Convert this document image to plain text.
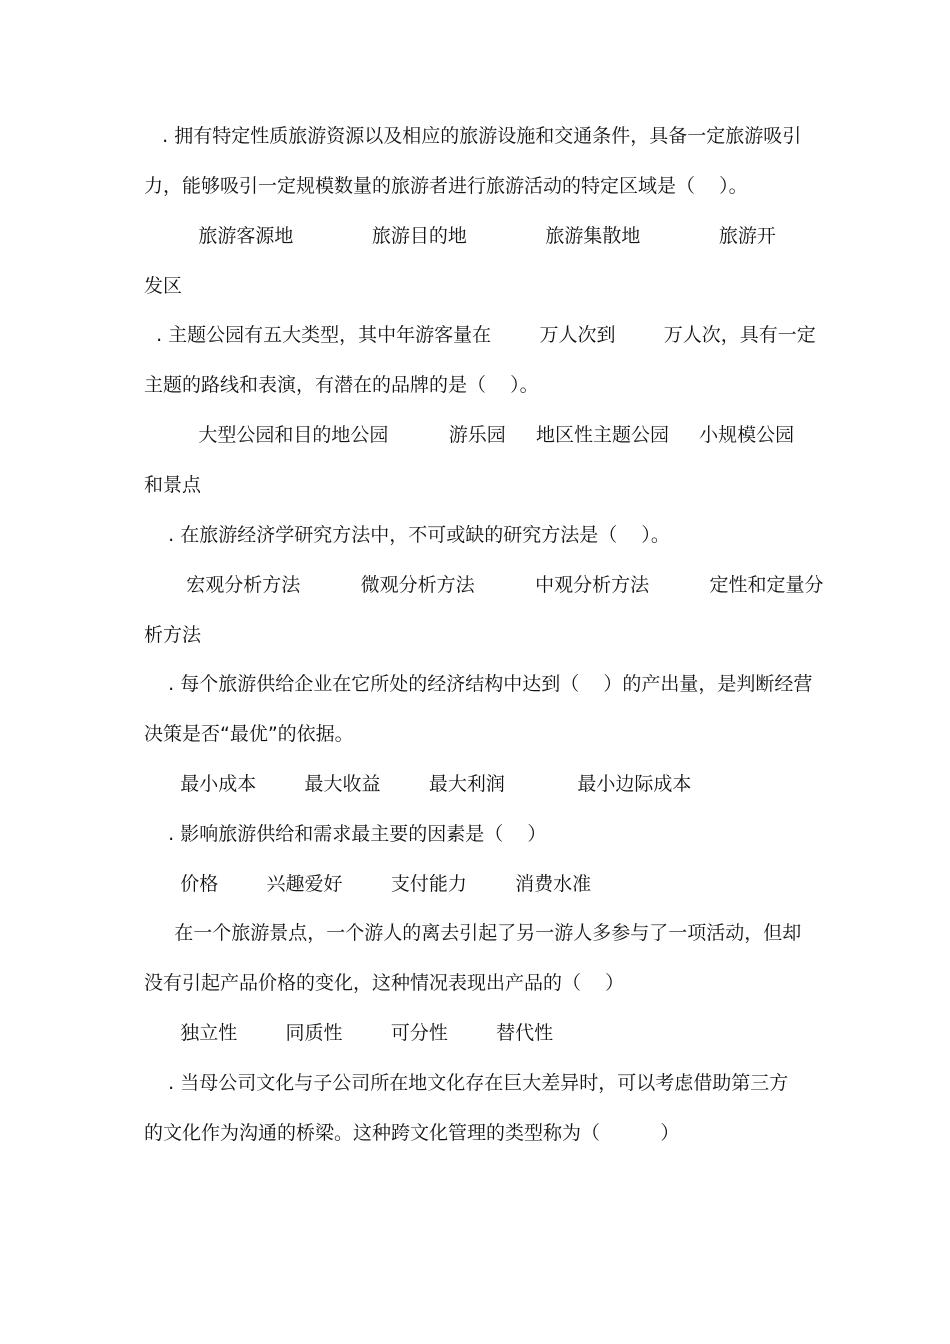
. 拥有特定性质旅游资源以及相应的旅游设施和交通条件，具备一定旅游吸引
力，能够吸引一定规模数量的旅游者进行旅游活动的特定区域是（    ）。
旅游客源地             旅游目的地             旅游集散地             旅游开
发区
. 主题公园有五大类型，其中年游客量在        万人次到        万人次，具有一定
主题的路线和表演，有潜在的品牌的是（    ）。
大型公园和目的地公园          游乐园     地区性主题公园     小规模公园
和景点
. 在旅游经济学研究方法中，不可或缺的研究方法是（    ）。
宏观分析方法          微观分析方法          中观分析方法          定性和定量分
析方法
. 每个旅游供给企业在它所处的经济结构中达到（    ）的产出量，是判断经营
决策是否“最优”的依据。
最小成本        最大收益        最大利润            最小边际成本
. 影响旅游供给和需求最主要的因素是（    ）
价格        兴趣爱好        支付能力        消费水准
在一个旅游景点，一个游人的离去引起了另一游人多参与了一项活动，但却
没有引起产品价格的变化，这种情况表现出产品的（    ）
独立性        同质性        可分性        替代性
. 当母公司文化与子公司所在地文化存在巨大差异时，可以考虑借助第三方
的文化作为沟通的桥梁。这种跨文化管理的类型称为（          ）
